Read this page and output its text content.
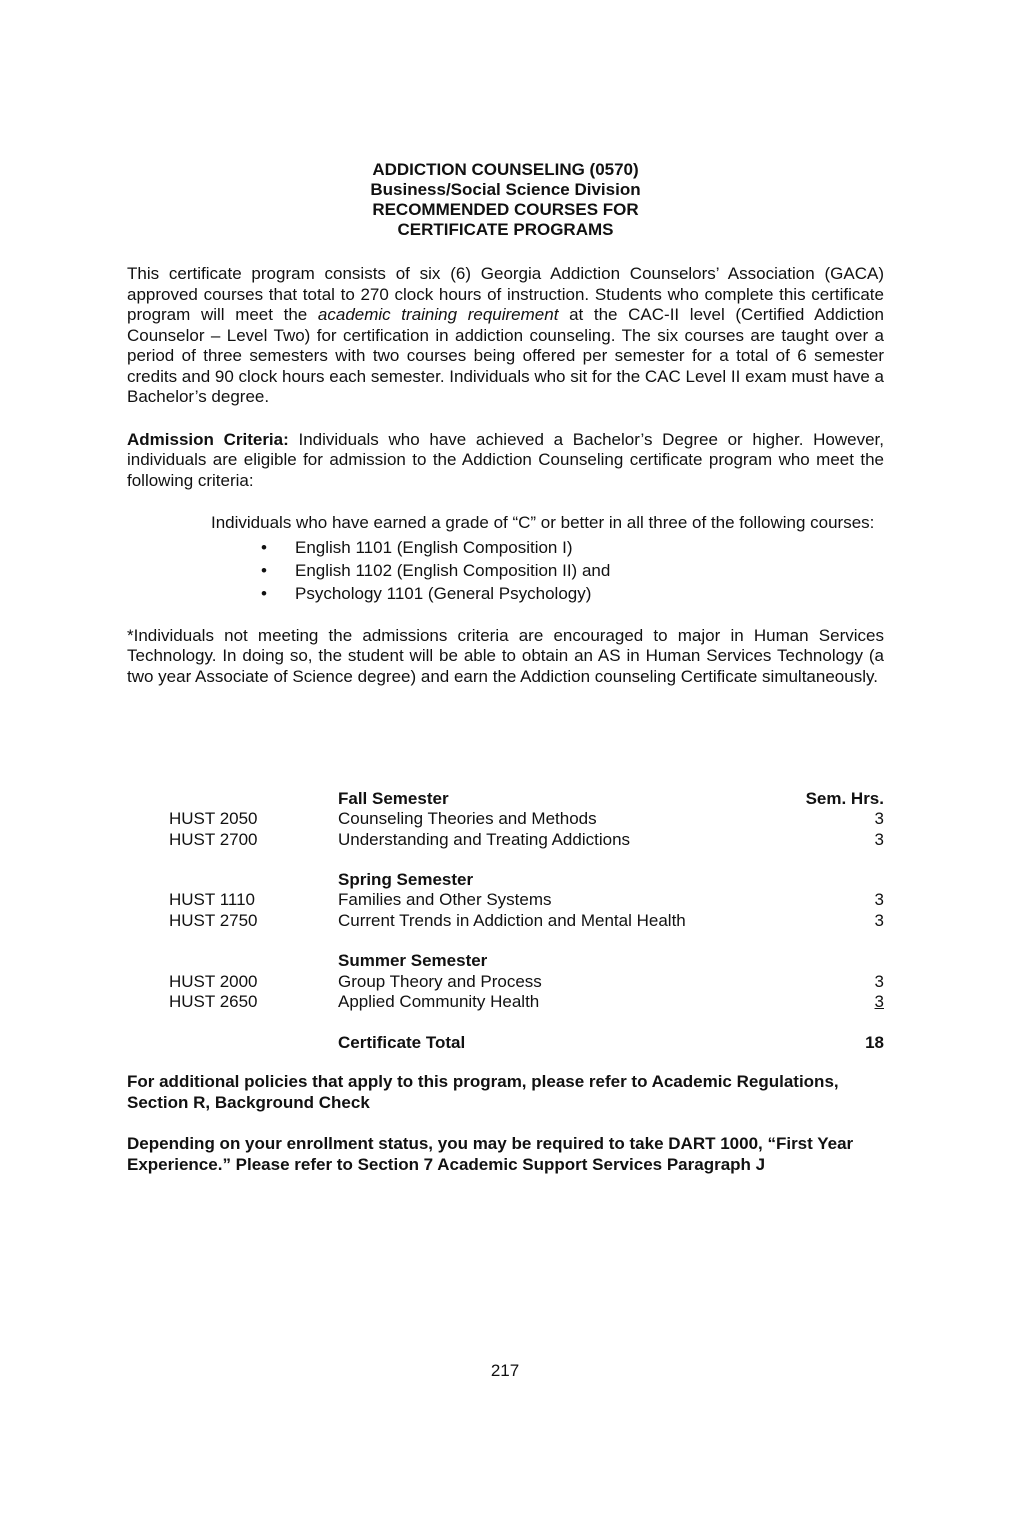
ADDICTION COUNSELING (0570)
Business/Social Science Division
RECOMMENDED COURSES FOR
CERTIFICATE PROGRAMS

This certificate program consists of six (6) Georgia Addiction Counselors’ Association (GACA) approved courses that total to 270 clock hours of instruction. Students who complete this certificate program will meet the academic training requirement at the CAC-II level (Certified Addiction Counselor – Level Two) for certification in addiction counseling. The six courses are taught over a period of three semesters with two courses being offered per semester for a total of 6 semester credits and 90 clock hours each semester. Individuals who sit for the CAC Level II exam must have a Bachelor’s degree.

Admission Criteria: Individuals who have achieved a Bachelor’s Degree or higher. However, individuals are eligible for admission to the Addiction Counseling certificate program who meet the following criteria:

Individuals who have earned a grade of “C” or better in all three of the following courses:
• English 1101 (English Composition I)
• English 1102 (English Composition II) and
• Psychology 1101 (General Psychology)

*Individuals not meeting the admissions criteria are encouraged to major in Human Services Technology. In doing so, the student will be able to obtain an AS in Human Services Technology (a two year Associate of Science degree) and earn the Addiction counseling Certificate simultaneously.

Fall Semester	Sem. Hrs.
HUST 2050	Counseling Theories and Methods	3
HUST 2700	Understanding and Treating Addictions	3
Spring Semester
HUST 1110	Families and Other Systems	3
HUST 2750	Current Trends in Addiction and Mental Health	3
Summer Semester
HUST 2000	Group Theory and Process	3
HUST 2650	Applied Community Health	3
Certificate Total	18
For additional policies that apply to this program, please refer to Academic Regulations, Section R, Background Check
Depending on your enrollment status, you may be required to take DART 1000, “First Year Experience.” Please refer to Section 7 Academic Support Services Paragraph J
217
